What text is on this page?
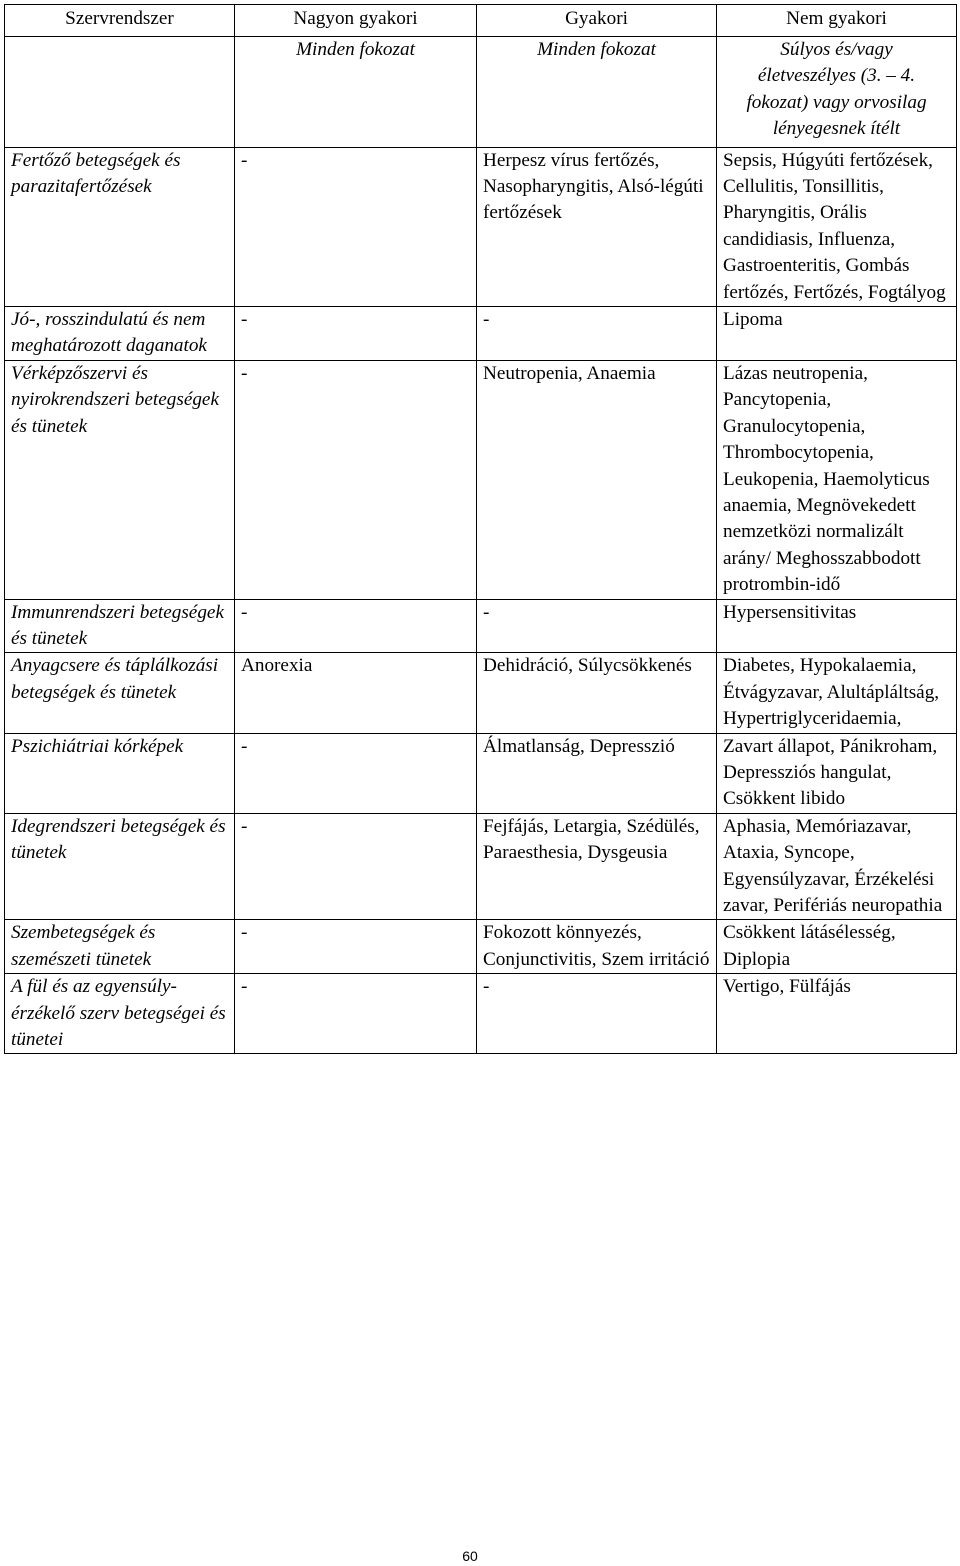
Szervrendszer	Nagyon gyakori	Gyakori	Nem gyakori
	Minden fokozat	Minden fokozat	Súlyos és/vagy életveszélyes (3. – 4. fokozat) vagy orvosilag lényegesnek ítélt
Fertőző betegségek és parazitafertőzések	-	Herpesz vírus fertőzés, Nasopharyngitis, Alsó-légúti fertőzések	Sepsis, Húgyúti fertőzések, Cellulitis, Tonsillitis, Pharyngitis, Orális candidiasis, Influenza, Gastroenteritis, Gombás fertőzés, Fertőzés, Fogtályog
Jó-, rosszindulatú és nem meghatározott daganatok	-	-	Lipoma
Vérképzőszervi és nyirokrendszeri betegségek és tünetek	-	Neutropenia, Anaemia	Lázas neutropenia, Pancytopenia, Granulocytopenia, Thrombocytopenia, Leukopenia, Haemolyticus anaemia, Megnövekedett nemzetközi normalizált arány/ Meghosszabbodott protrombin-idő
Immunrendszeri betegségek és tünetek	-	-	Hypersensitivitas
Anyagcsere és táplálkozási betegségek és tünetek	Anorexia	Dehidráció, Súlycsökkenés	Diabetes, Hypokalaemia, Étvágyzavar, Alultápláltság, Hypertriglyceridaemia,
Pszichiátriai kórképek	-	Álmatlanság, Depresszió	Zavart állapot, Pánikroham, Depressziós hangulat, Csökkent libido
Idegrendszeri betegségek és tünetek	-	Fejfájás, Letargia, Szédülés, Paraesthesia, Dysgeusia	Aphasia, Memóriazavar, Ataxia, Syncope, Egyensúlyzavar, Érzékelési zavar, Perifériás neuropathia
Szembetegségek és szemészeti tünetek	-	Fokozott könnyezés, Conjunctivitis, Szem irritáció	Csökkent látásélesség, Diplopia
A fül és az egyensúly-érzékelő szerv betegségei és tünetei	-	-	Vertigo, Fülfájás
60
